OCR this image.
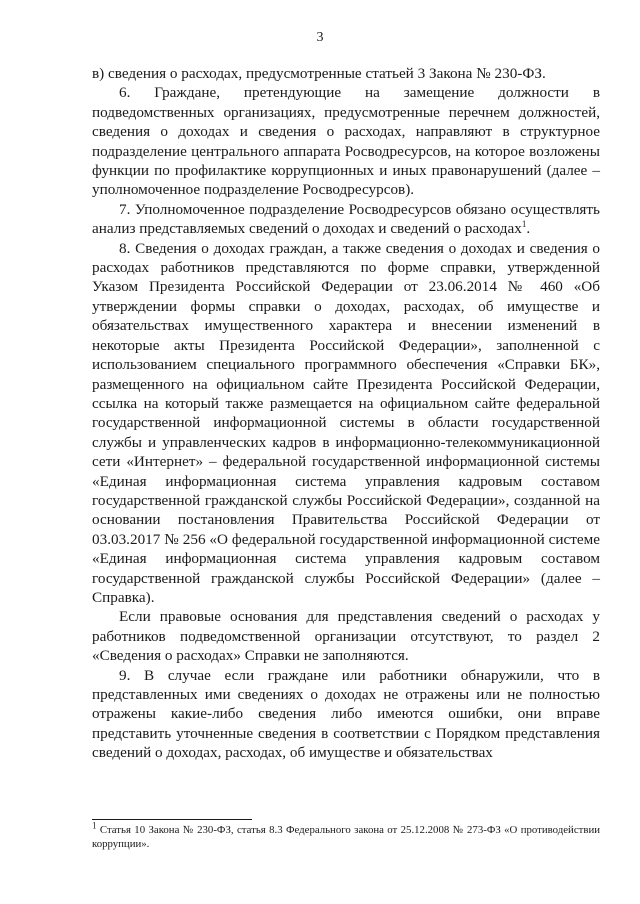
3

в) сведения о расходах, предусмотренные статьей 3 Закона № 230-ФЗ.

6. Граждане, претендующие на замещение должности в подведомственных организациях, предусмотренные перечнем должностей, сведения о доходах и сведения о расходах, направляют в структурное подразделение центрального аппарата Росводресурсов, на которое возложены функции по профилактике коррупционных и иных правонарушений (далее – уполномоченное подразделение Росводресурсов).

7. Уполномоченное подразделение Росводресурсов обязано осуществлять анализ представляемых сведений о доходах и сведений о расходах$^1$.

8. Сведения о доходах граждан, а также сведения о доходах и сведения о расходах работников представляются по форме справки, утвержденной Указом Президента Российской Федерации от 23.06.2014 № 460 «Об утверждении формы справки о доходах, расходах, об имуществе и обязательствах имущественного характера и внесении изменений в некоторые акты Президента Российской Федерации», заполненной с использованием специального программного обеспечения «Справки БК», размещенного на официальном сайте Президента Российской Федерации, ссылка на который также размещается на официальном сайте федеральной государственной информационной системы в области государственной службы и управленческих кадров в информационно-телекоммуникационной сети «Интернет» – федеральной государственной информационной системы «Единая информационная система управления кадровым составом государственной гражданской службы Российской Федерации», созданной на основании постановления Правительства Российской Федерации от 03.03.2017 № 256 «О федеральной государственной информационной системе «Единая информационная система управления кадровым составом государственной гражданской службы Российской Федерации» (далее – Справка).

Если правовые основания для представления сведений о расходах у работников подведомственной организации отсутствуют, то раздел 2 «Сведения о расходах» Справки не заполняются.

9. В случае если граждане или работники обнаружили, что в представленных ими сведениях о доходах не отражены или не полностью отражены какие-либо сведения либо имеются ошибки, они вправе представить уточненные сведения в соответствии с Порядком представления сведений о доходах, расходах, об имуществе и обязательствах

$^1$ Статья 10 Закона № 230-ФЗ, статья 8.3 Федерального закона от 25.12.2008 № 273-ФЗ «О противодействии коррупции».
